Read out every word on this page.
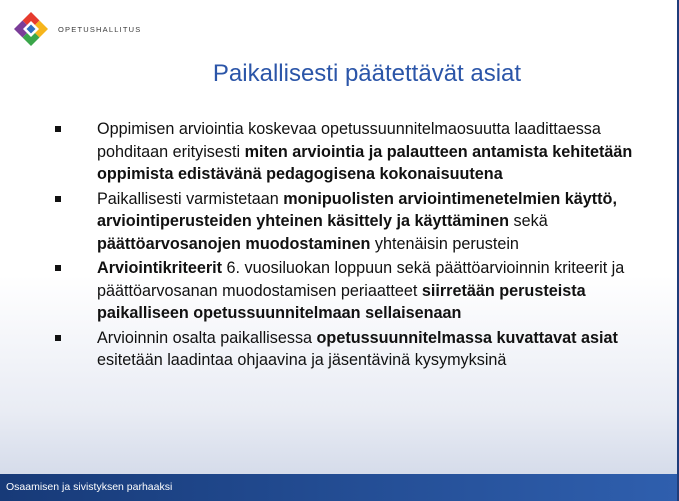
OPETUSHALLITUS
Paikallisesti päätettävät asiat
Oppimisen arviointia koskevaa opetussuunnitelmaosuutta laadittaessa pohditaan erityisesti miten arviointia ja palautteen antamista kehitetään oppimista edistävänä pedagogisena kokonaisuutena
Paikallisesti varmistetaan monipuolisten arviointimenetelmien käyttö, arviointiperusteiden yhteinen käsittely ja käyttäminen sekä päättöarvosanojen muodostaminen yhtenäisin perustein
Arviointikriteerit 6. vuosiluokan loppuun sekä päättöarvioinnin kriteerit ja päättöarvosanan muodostamisen periaatteet siirretään perusteista paikalliseen opetussuunnitelmaan sellaisenaan
Arvioinnin osalta paikallisessa opetussuunnitelmassa kuvattavat asiat esitetään laadintaa ohjaavina ja jäsentävinä kysymyksinä
Osaamisen ja sivistyksen parhaaksi
